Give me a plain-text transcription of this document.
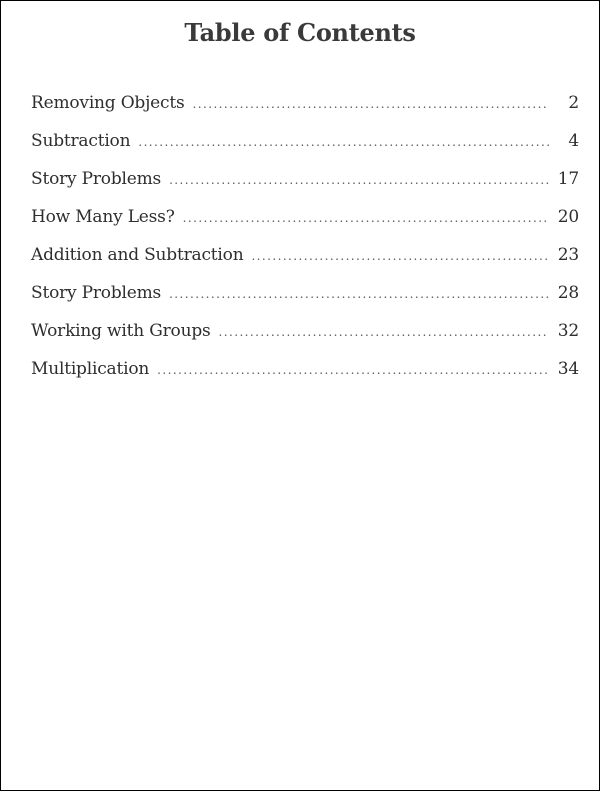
Table of Contents
Removing Objects . . .	2
Subtraction . . .	4
Story Problems . . .	17
How Many Less? . . .	20
Addition and Subtraction . . .	23
Story Problems . . .	28
Working with Groups . . .	32
Multiplication . . .	34
